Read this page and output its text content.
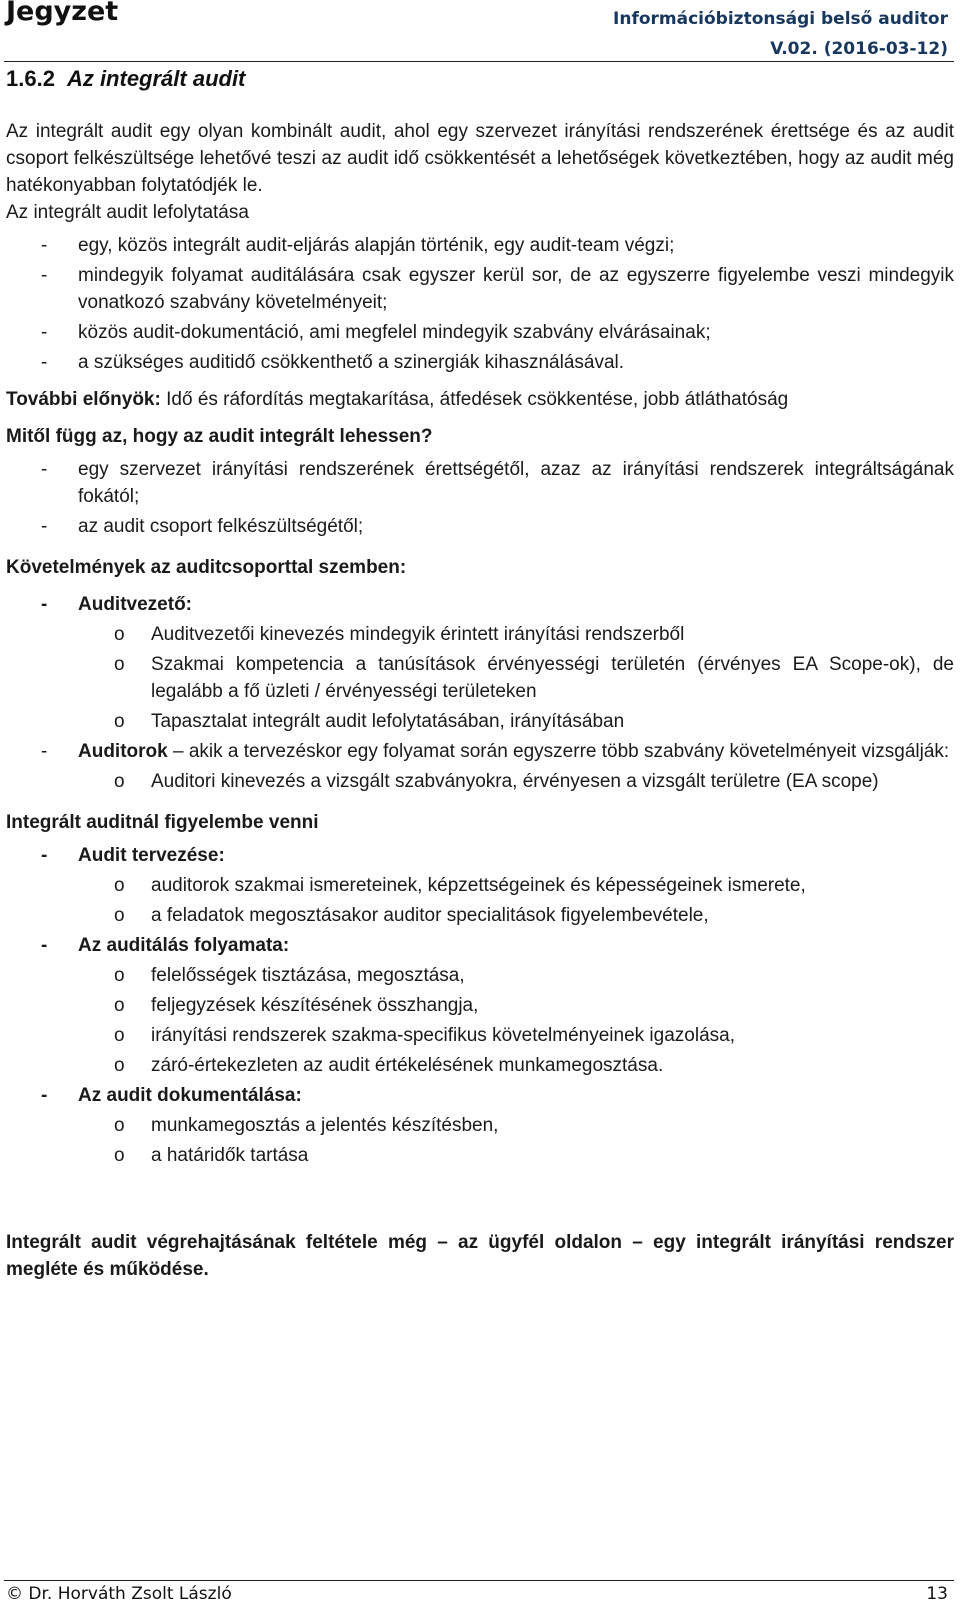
Jegyzet	Információbiztonsági belső auditor
V.02. (2016-03-12)
1.6.2 Az integrált audit

Az integrált audit egy olyan kombinált audit, ahol egy szervezet irányítási rendszerének érettsége és az audit csoport felkészültsége lehetővé teszi az audit idő csökkentését a lehetőségek következtében, hogy az audit még hatékonyabban folytatódjék le.

Az integrált audit lefolytatása

- egy, közös integrált audit-eljárás alapján történik, egy audit-team végzi;
- mindegyik folyamat auditálására csak egyszer kerül sor, de az egyszerre figyelembe veszi mindegyik vonatkozó szabvány követelményeit;
- közös audit-dokumentáció, ami megfelel mindegyik szabvány elvárásainak;
- a szükséges auditidő csökkenthető a szinergiák kihasználásával.

További előnyök: Idő és ráfordítás megtakarítása, átfedések csökkentése, jobb átláthatóság

Mitől függ az, hogy az audit integrált lehessen?

- egy szervezet irányítási rendszerének érettségétől, azaz az irányítási rendszerek integráltságának fokától;
- az audit csoport felkészültségétől;

Követelmények az auditcsoporttal szemben:

- Auditvezető:
o Auditvezetői kinevezés mindegyik érintett irányítási rendszerből
o Szakmai kompetencia a tanúsítások érvényességi területén (érvényes EA Scope-ok), de legalább a fő üzleti / érvényességi területeken
o Tapasztalat integrált audit lefolytatásában, irányításában
- Auditorok – akik a tervezéskor egy folyamat során egyszerre több szabvány követelményeit vizsgálják:
o Auditori kinevezés a vizsgált szabványokra, érvényesen a vizsgált területre (EA scope)

Integrált auditnál figyelembe venni

- Audit tervezése:
o auditorok szakmai ismereteinek, képzettségeinek és képességeinek ismerete,
o a feladatok megosztásakor auditor specialitások figyelembevétele,
- Az auditálás folyamata:
o felelősségek tisztázása, megosztása,
o feljegyzések készítésének összhangja,
o irányítási rendszerek szakma-specifikus követelményeinek igazolása,
o záró-értekezleten az audit értékelésének munkamegosztása.
- Az audit dokumentálása:
o munkamegosztás a jelentés készítésben,
o a határidők tartása

Integrált audit végrehajtásának feltétele még – az ügyfél oldalon – egy integrált irányítási rendszer megléte és működése.

© Dr. Horváth Zsolt László	13
